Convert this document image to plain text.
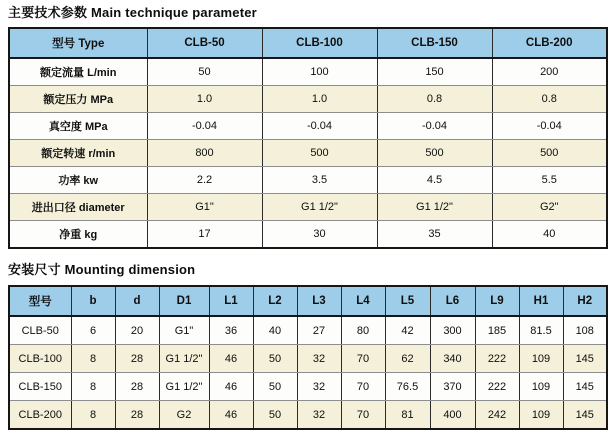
主要技术参数 Main technique parameter
型号 Type	CLB-50	CLB-100	CLB-150	CLB-200
额定流量 L/min	50	100	150	200
额定压力 MPa	1.0	1.0	0.8	0.8
真空度 MPa	-0.04	-0.04	-0.04	-0.04
额定转速 r/min	800	500	500	500
功率 kw	2.2	3.5	4.5	5.5
进出口径 diameter	G1"	G1 1/2"	G1 1/2"	G2"
净重 kg	17	30	35	40
安装尺寸 Mounting dimension
型号	b	d	D1	L1	L2	L3	L4	L5	L6	L9	H1	H2
CLB-50	6	20	G1"	36	40	27	80	42	300	185	81.5	108
CLB-100	8	28	G1 1/2"	46	50	32	70	62	340	222	109	145
CLB-150	8	28	G1 1/2"	46	50	32	70	76.5	370	222	109	145
CLB-200	8	28	G2	46	50	32	70	81	400	242	109	145
